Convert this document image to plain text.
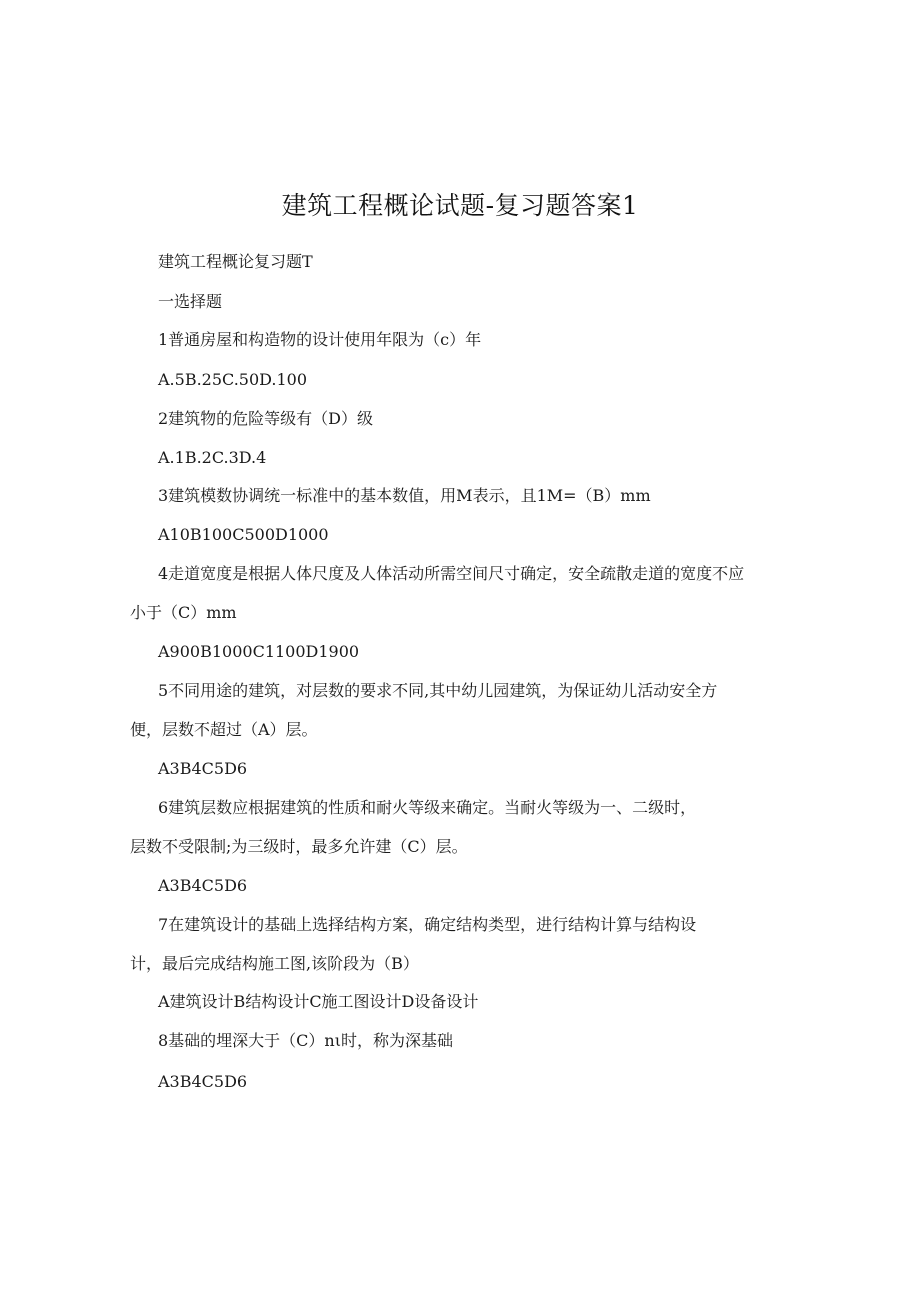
建筑工程概论试题-复习题答案1

建筑工程概论复习题T

一选择题

1普通房屋和构造物的设计使用年限为（c）年

A.5B.25C.50D.100

2建筑物的危险等级有（D）级

A.1B.2C.3D.4

3建筑模数协调统一标准中的基本数值，用M表示，且1M=（B）mm

A10B100C500D1000

4走道宽度是根据人体尺度及人体活动所需空间尺寸确定，安全疏散走道的宽度不应

小于（C）mm

A900B1000C1100D1900

5不同用途的建筑，对层数的要求不同,其中幼儿园建筑，为保证幼儿活动安全方

便，层数不超过（A）层。

A3B4C5D6

6建筑层数应根据建筑的性质和耐火等级来确定。当耐火等级为一、二级时，

层数不受限制;为三级时，最多允许建（C）层。

A3B4C5D6

7在建筑设计的基础上选择结构方案，确定结构类型，进行结构计算与结构设

计，最后完成结构施工图,该阶段为（B）

A建筑设计B结构设计C施工图设计D设备设计

8基础的埋深大于（C）nι时，称为深基础

A3B4C5D6
